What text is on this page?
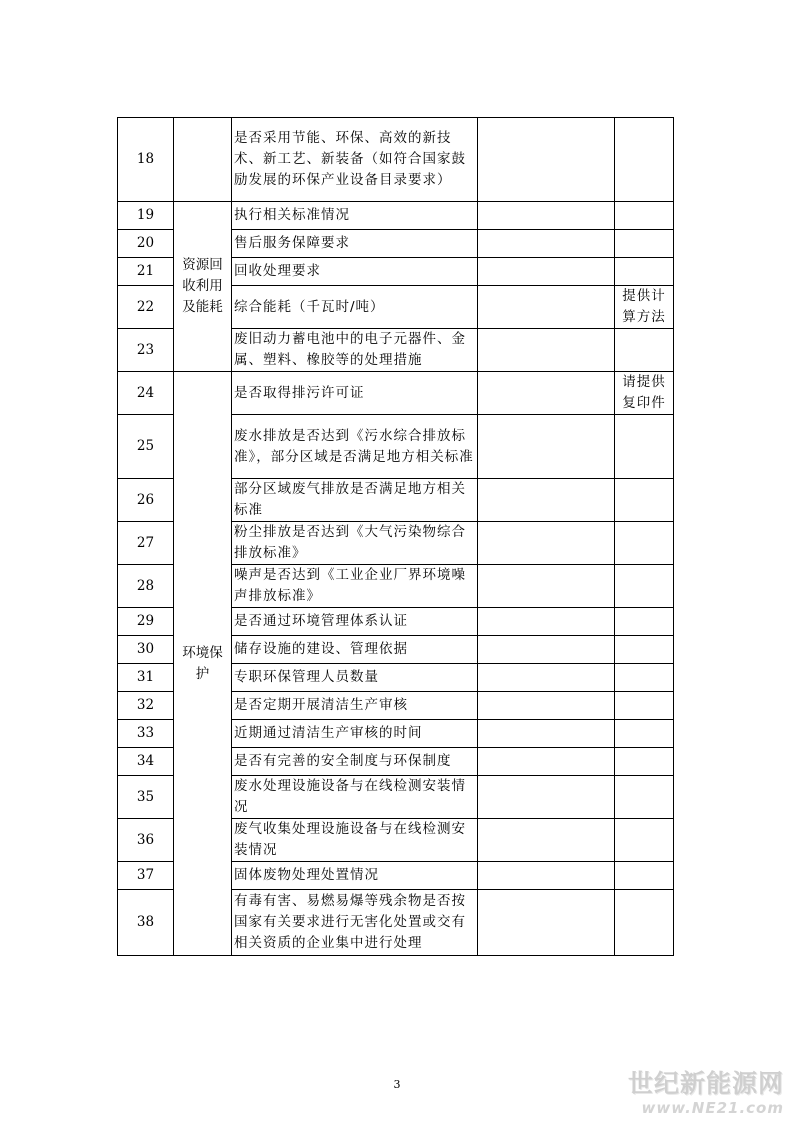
18		是否采用节能、环保、高效的新技术、新工艺、新装备（如符合国家鼓励发展的环保产业设备目录要求）		
19	资源回收利用及能耗	执行相关标准情况		
20		售后服务保障要求		
21		回收处理要求		
22		综合能耗（千瓦时/吨）		提供计算方法
23		废旧动力蓄电池中的电子元器件、金属、塑料、橡胶等的处理措施		
24	环境保护	是否取得排污许可证		请提供复印件
25		废水排放是否达到《污水综合排放标准》，部分区域是否满足地方相关标准		
26		部分区域废气排放是否满足地方相关标准		
27		粉尘排放是否达到《大气污染物综合排放标准》		
28		噪声是否达到《工业企业厂界环境噪声排放标准》		
29		是否通过环境管理体系认证		
30		储存设施的建设、管理依据		
31		专职环保管理人员数量		
32		是否定期开展清洁生产审核		
33		近期通过清洁生产审核的时间		
34		是否有完善的安全制度与环保制度		
35		废水处理设施设备与在线检测安装情况		
36		废气收集处理设施设备与在线检测安装情况		
37		固体废物处理处置情况		
38		有毒有害、易燃易爆等残余物是否按国家有关要求进行无害化处置或交有相关资质的企业集中进行处理		
3	世纪新能源网
www.NE21.com
